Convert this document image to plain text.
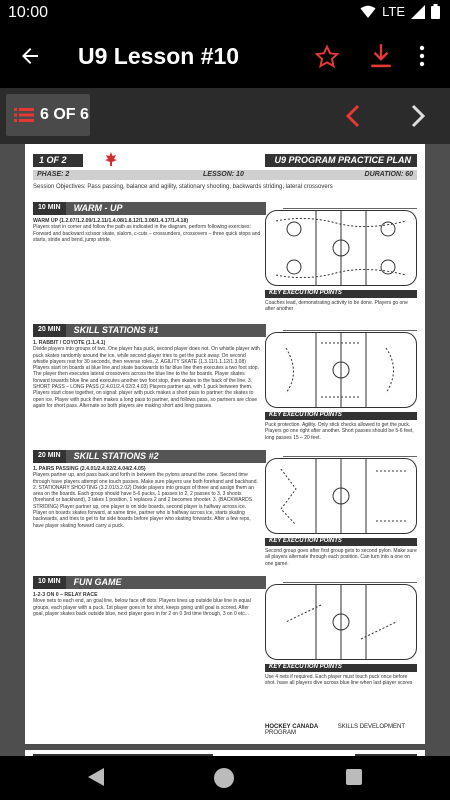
10:00	LTE
U9 Lesson #10
6 OF 6
1 OF 2	U9 PROGRAM PRACTICE PLAN
PHASE: 2	LESSON: 10	DURATION: 60
Session Objectives: Pass passing, balance and agility, stationary shooting, backwards striding, lateral crossovers
10 MIN	WARM - UP
WARM UP (1.2.07/1.2.09/1.2.11/1.4.08/1.8.12/1.3.08/1.4.17/1.4.18)
Players start in corner and follow the path as indicated in the diagram, perform following exercises: Forward and backward scissor skate, slalom, c-cuts – crossunders, crossovers – three quick stops and starts, stride and bend, jump stride.
KEY EXECUTION POINTS
Coaches lead, demonstrating activity to be done. Players go one after another
20 MIN	SKILL STATIONS #1
1. RABBIT / COYOTE (1.1.4.1)
Divide players into groups of two. One player has puck, second player does not. On whistle player with puck skates randomly around the ice, while second player tries to get the puck away. On second whistle players rest for 30 seconds, then reverse roles. 2. AGILITY SKATE (1.3.11/1.1.12/1.3.08) Players start on boards at blue line and skate backwards to far blue line then executes a two foot stop. The player then executes lateral crossovers across the blue line to the far boards. Player skates forward towards blue line and executes another two foot stop, then skates to the back of the line. 3. SHORT PASS – LONG PASS (2.4.01/2.4.02/2.4.03) Players partner up, with 1 puck between them. Players start close together, on signal: player with puck makes a short pass to partner; the skates to open ice. Player with puck then makes a long pass to partner, and follows pass, so partners are close again for short pass. Alternate so both players are making short and long passes.
KEY EXECUTION POINTS
Puck protection. Agility. Only stick checks allowed to get the puck. Players go one right after another. Short passes should be 5-6 feet, long passes 15 – 20 feet.
20 MIN	SKILL STATIONS #2
1. PAIRS PASSING (2.4.01/2.4.02/2.4.04/2.4.05)
Players partner up, and pass back and forth in between the pylons around the zone. Second time through have players attempt one touch passes. Make sure players use both forehand and backhand. 2. STATIONARY SHOOTING (3.2.01/3.2.02) Divide players into groups of three and assign them an area on the boards. Each group should have 5-6 pucks, 1 passes to 2, 2 passes to 3, 3 shoots (forehand or backhand), 3 takes 1 position, 1 replaces 2 and 2 becomes shooter. 3. (BACKWARDS STRIDING) Player partner up, one player is on side boards, second player is halfway across ice. Player on boards skates forward, at same time, partner who is halfway across ice, starts skating backwards, and tries to get to far side boards before player who skating forwards. After a few reps, have player skating forward carry a puck.
KEY EXECUTION POINTS
Second group goes after first group gets to second pylon. Make sure all players alternate through each position. Can turn into a one on one game.
10 MIN	FUN GAME
1-2-3 ON 0 – RELAY RACE
Move nets to each end, an goal line, below face off dots. Players lines up outside blue line in equal groups, each player with a puck. 1st player goes in for shot, keeps going until goal is scored. After goal, player skates back outside blue, next player goes in for 2 on 0 3rd time through, 3 on 0 etc...
KEY EXECUTION POINTS
Use 4 nets if required. Each player must touch puck once before shot. have all players dive across blue line when last player scores
HOCKEY CANADA	SKILLS DEVELOPMENT PROGRAM
